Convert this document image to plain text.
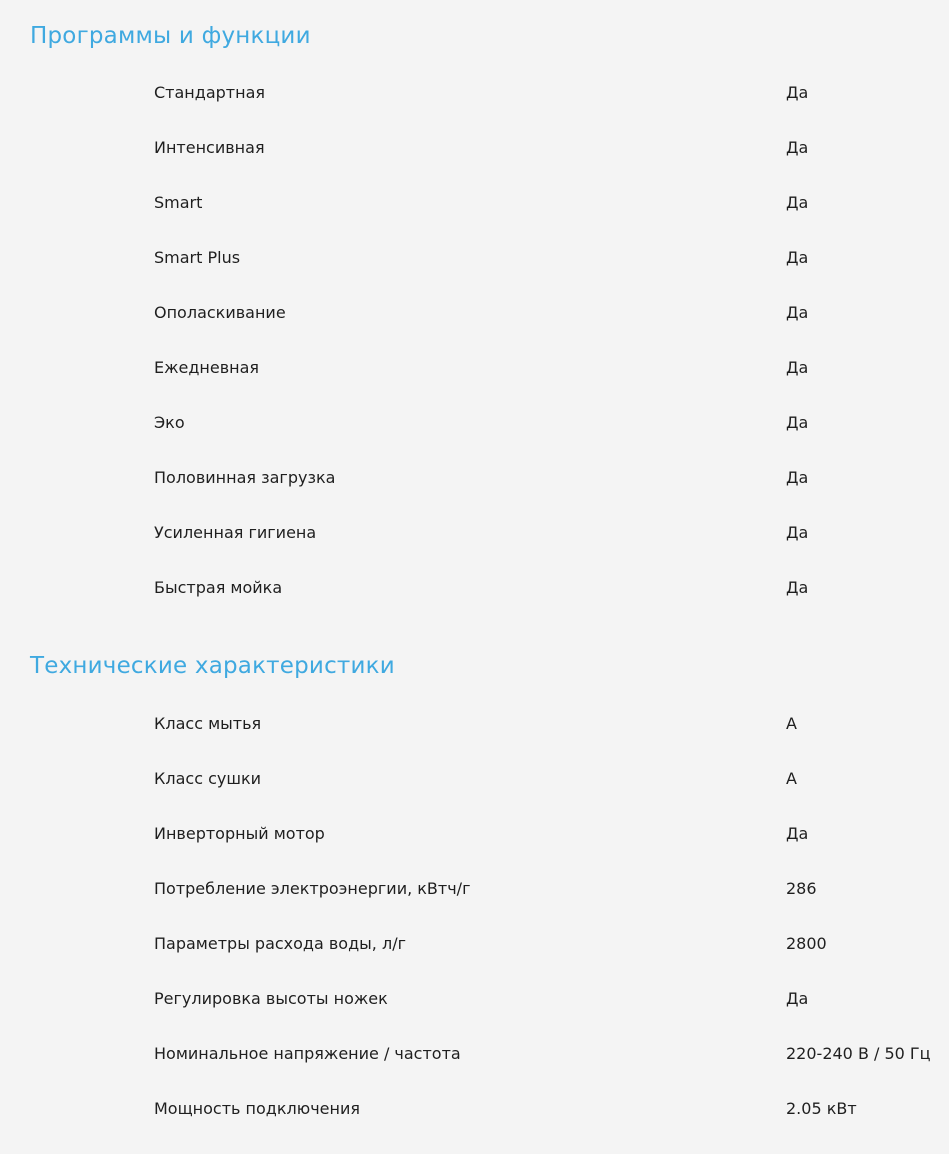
Программы и функции
Стандартная	Да
Интенсивная	Да
Smart	Да
Smart Plus	Да
Ополаскивание	Да
Ежедневная	Да
Эко	Да
Половинная загрузка	Да
Усиленная гигиена	Да
Быстрая мойка	Да
Технические характеристики
Класс мытья	A
Класс сушки	A
Инверторный мотор	Да
Потребление электроэнергии, кВтч/г	286
Параметры расхода воды, л/г	2800
Регулировка высоты ножек	Да
Номинальное напряжение / частота	220-240 В / 50 Гц
Мощность подключения	2.05 кВт
